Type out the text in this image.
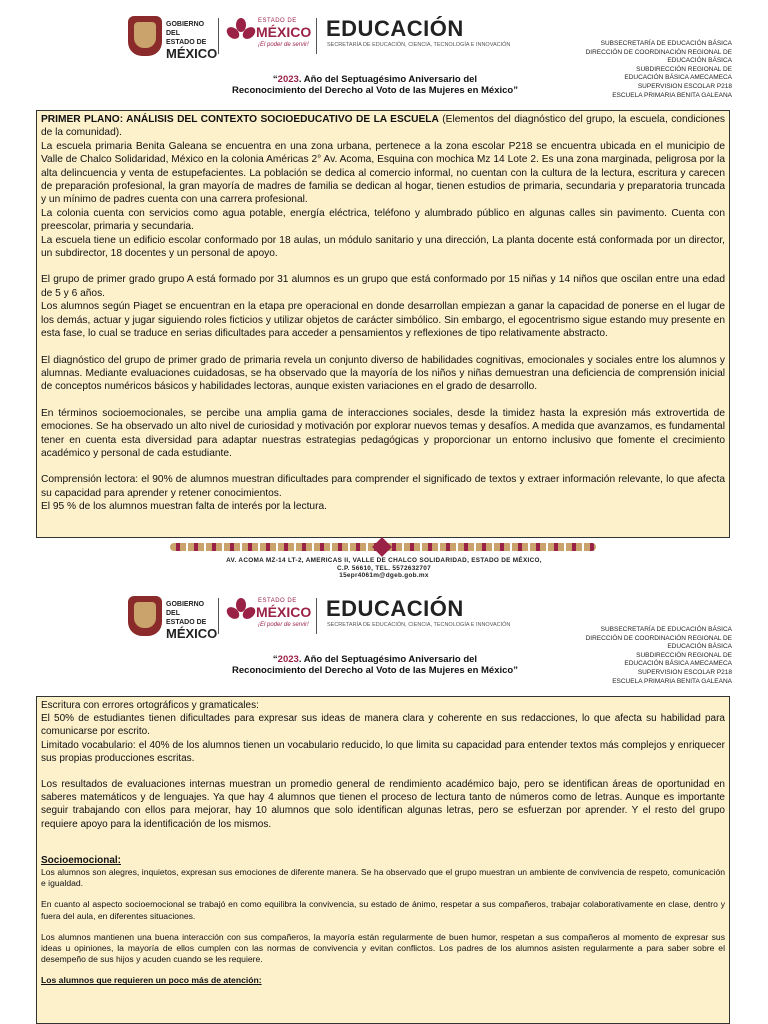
GOBIERNO DEL
ESTADO DE
MÉXICO
ESTADO DE
MÉXICO
¡El poder de servir!
EDUCACIÓN
SECRETARÍA DE EDUCACIÓN, CIENCIA, TECNOLOGÍA E INNOVACIÓN
“2023. Año del Septuagésimo Aniversario del
Reconocimiento del Derecho al Voto de las Mujeres en México”
SUBSECRETARÍA DE EDUCACIÓN BÁSICA
DIRECCIÓN DE COORDINACIÓN REGIONAL DE
EDUCACIÓN BÁSICA
SUBDIRECCIÓN REGIONAL DE
EDUCACIÓN BÁSICA AMECAMECA
SUPERVISION ESCOLAR P218
ESCUELA PRIMARIA BENITA GALEANA

PRIMER PLANO: ANÁLISIS DEL CONTEXTO SOCIOEDUCATIVO DE LA ESCUELA (Elementos del diagnóstico del grupo, la escuela, condiciones de la comunidad).

La escuela primaria Benita Galeana se encuentra en una zona urbana, pertenece a la zona escolar P218 se encuentra ubicada en el municipio de Valle de Chalco Solidaridad, México en la colonia Américas 2° Av. Acoma, Esquina con mochica Mz 14 Lote 2. Es una zona marginada, peligrosa por la alta delincuencia y venta de estupefacientes. La población se dedica al comercio informal, no cuentan con la cultura de la lectura, escritura y carecen de preparación profesional, la gran mayoría de madres de familia se dedican al hogar, tienen estudios de primaria, secundaria y preparatoria truncada y un mínimo de padres cuenta con una carrera profesional.

La colonia cuenta con servicios como agua potable, energía eléctrica, teléfono y alumbrado público en algunas calles sin pavimento. Cuenta con preescolar, primaria y secundaria.

La escuela tiene un edificio escolar conformado por 18 aulas, un módulo sanitario y una dirección, La planta docente está conformada por un director, un subdirector, 18 docentes y un personal de apoyo.

El grupo de primer grado grupo A está formado por 31 alumnos es un grupo que está conformado por 15 niñas y 14 niños que oscilan entre una edad de 5 y 6 años.

Los alumnos según Piaget se encuentran en la etapa pre operacional en donde desarrollan empiezan a ganar la capacidad de ponerse en el lugar de los demás, actuar y jugar siguiendo roles ficticios y utilizar objetos de carácter simbólico. Sin embargo, el egocentrismo sigue estando muy presente en esta fase, lo cual se traduce en serias dificultades para acceder a pensamientos y reflexiones de tipo relativamente abstracto.

El diagnóstico del grupo de primer grado de primaria revela un conjunto diverso de habilidades cognitivas, emocionales y sociales entre los alumnos y alumnas. Mediante evaluaciones cuidadosas, se ha observado que la mayoría de los niños y niñas demuestran una deficiencia de comprensión inicial de conceptos numéricos básicos y habilidades lectoras, aunque existen variaciones en el grado de desarrollo.

En términos socioemocionales, se percibe una amplia gama de interacciones sociales, desde la timidez hasta la expresión más extrovertida de emociones. Se ha observado un alto nivel de curiosidad y motivación por explorar nuevos temas y desafíos. A medida que avanzamos, es fundamental tener en cuenta esta diversidad para adaptar nuestras estrategias pedagógicas y proporcionar un entorno inclusivo que fomente el crecimiento académico y personal de cada estudiante.

Comprensión lectora: el 90% de alumnos muestran dificultades para comprender el significado de textos y extraer información relevante, lo que afecta su capacidad para aprender y retener conocimientos.

El 95 % de los alumnos muestran falta de interés por la lectura.

AV. ACOMA MZ-14 LT-2, AMERICAS II, VALLE DE CHALCO SOLIDARIDAD, ESTADO DE MÉXICO,
C.P. 56610, TEL. 5572632707
15epr4061m@dgeb.gob.mx
GOBIERNO DEL
ESTADO DE
MÉXICO
ESTADO DE
MÉXICO
¡El poder de servir!
EDUCACIÓN
SECRETARÍA DE EDUCACIÓN, CIENCIA, TECNOLOGÍA E INNOVACIÓN
“2023. Año del Septuagésimo Aniversario del
Reconocimiento del Derecho al Voto de las Mujeres en México”
SUBSECRETARÍA DE EDUCACIÓN BÁSICA
DIRECCIÓN DE COORDINACIÓN REGIONAL DE
EDUCACIÓN BÁSICA
SUBDIRECCIÓN REGIONAL DE
EDUCACIÓN BÁSICA AMECAMECA
SUPERVISION ESCOLAR P218
ESCUELA PRIMARIA BENITA GALEANA

Escritura con errores ortográficos y gramaticales:

El 50% de estudiantes tienen dificultades para expresar sus ideas de manera clara y coherente en sus redacciones, lo que afecta su habilidad para comunicarse por escrito.

Limitado vocabulario: el 40% de los alumnos tienen un vocabulario reducido, lo que limita su capacidad para entender textos más complejos y enriquecer sus propias producciones escritas.

Los resultados de evaluaciones internas muestran un promedio general de rendimiento académico bajo, pero se identifican áreas de oportunidad en saberes matemáticos y de lenguajes. Ya que hay 4 alumnos que tienen el proceso de lectura tanto de números como de letras. Aunque es importante seguir trabajando con ellos para mejorar, hay 10 alumnos que solo identifican algunas letras, pero se esfuerzan por aprender. Y el resto del grupo requiere apoyo para la identificación de los mismos.

Socioemocional:

Los alumnos son alegres, inquietos, expresan sus emociones de diferente manera. Se ha observado que el grupo muestran un ambiente de convivencia de respeto, comunicación e igualdad.

En cuanto al aspecto socioemocional se trabajó en como equilibra la convivencia, su estado de ánimo, respetar a sus compañeros, trabajar colaborativamente en clase, dentro y fuera del aula, en diferentes situaciones.

Los alumnos mantienen una buena interacción con sus compañeros, la mayoría están regularmente de buen humor, respetan a sus compañeros al momento de expresar sus ideas u opiniones, la mayoría de ellos cumplen con las normas de convivencia y evitan conflictos. Los padres de los alumnos asisten regularmente a para saber sobre el desempeño de sus hijos y acuden cuando se les requiere.

Los alumnos que requieren un poco más de atención:
